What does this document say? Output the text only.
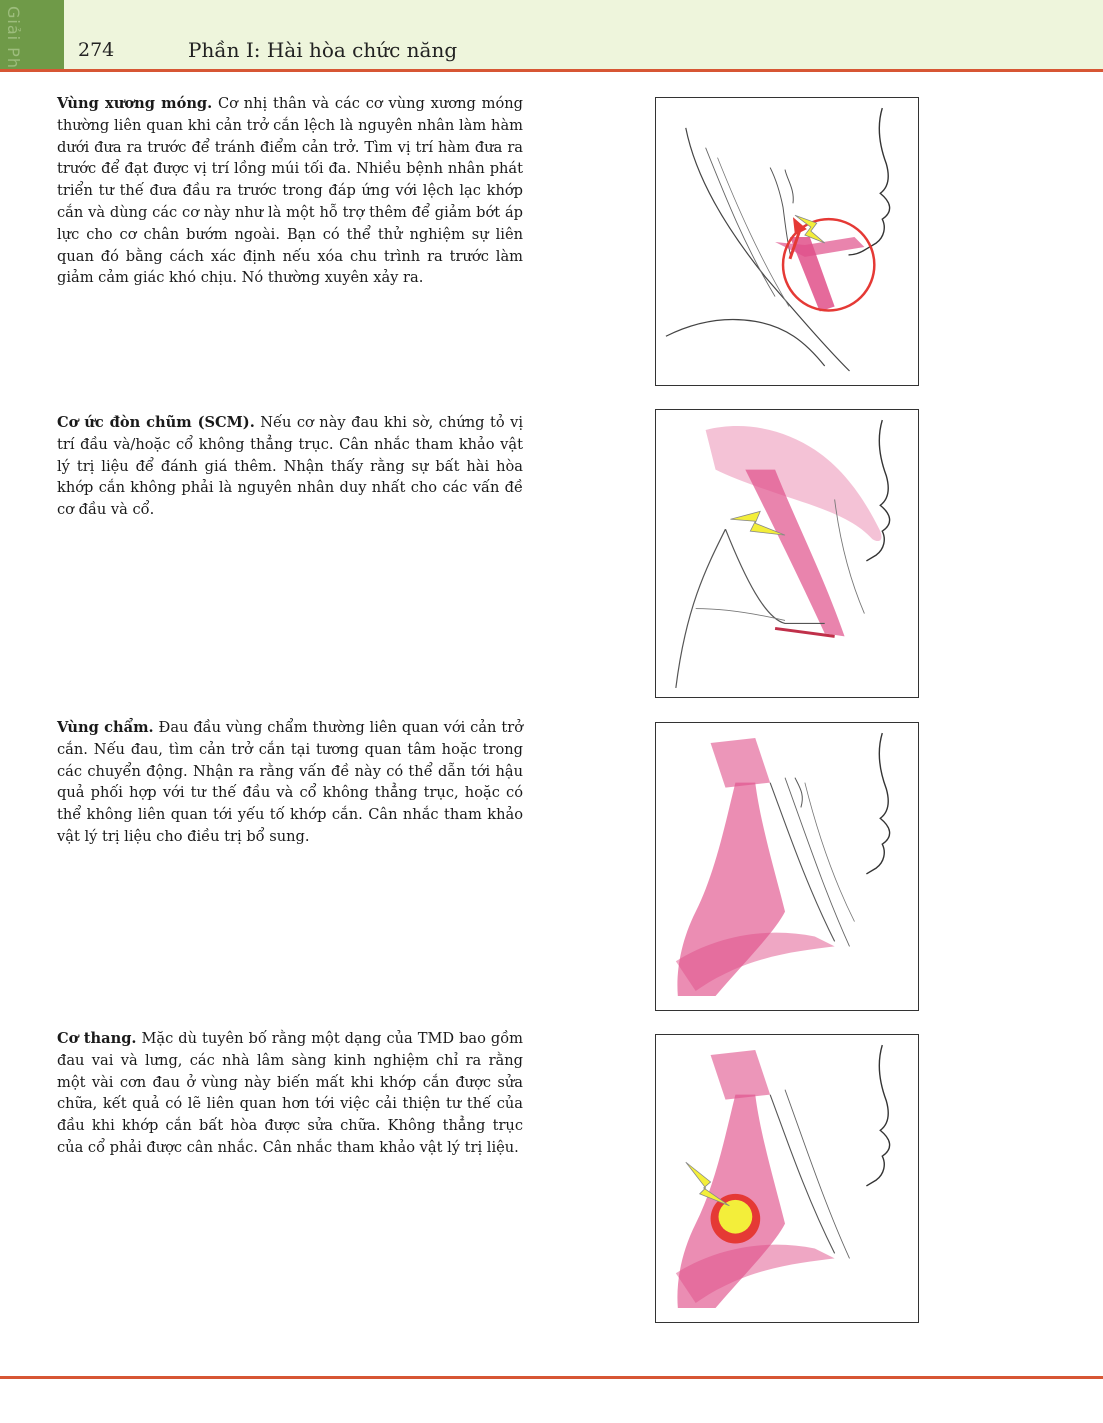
Giải Ph	274	Phần I: Hài hòa chức năng

Vùng xương móng. Cơ nhị thân và các cơ vùng xương móng thường liên quan khi cản trở cắn lệch là nguyên nhân làm hàm dưới đưa ra trước để tránh điểm cản trở. Tìm vị trí hàm đưa ra trước để đạt được vị trí lồng múi tối đa. Nhiều bệnh nhân phát triển tư thế đưa đầu ra trước trong đáp ứng với lệch lạc khớp cắn và dùng các cơ này như là một hỗ trợ thêm để giảm bớt áp lực cho cơ chân bướm ngoài. Bạn có thể thử nghiệm sự liên quan đó bằng cách xác định nếu xóa chu trình ra trước làm giảm cảm giác khó chịu. Nó thường xuyên xảy ra.

Cơ ức đòn chũm (SCM). Nếu cơ này đau khi sờ, chứng tỏ vị trí đầu và/hoặc cổ không thẳng trục. Cân nhắc tham khảo vật lý trị liệu để đánh giá thêm. Nhận thấy rằng sự bất hài hòa khớp cắn không phải là nguyên nhân duy nhất cho các vấn đề cơ đầu và cổ.

Vùng chẩm. Đau đầu vùng chẩm thường liên quan với cản trở cắn. Nếu đau, tìm cản trở cắn tại tương quan tâm hoặc trong các chuyển động. Nhận ra rằng vấn đề này có thể dẫn tới hậu quả phối hợp với tư thế đầu và cổ không thẳng trục, hoặc có thể không liên quan tới yếu tố khớp cắn. Cân nhắc tham khảo vật lý trị liệu cho điều trị bổ sung.

Cơ thang. Mặc dù tuyên bố rằng một dạng của TMD bao gồm đau vai và lưng, các nhà lâm sàng kinh nghiệm chỉ ra rằng một vài cơn đau ở vùng này biến mất khi khớp cắn được sửa chữa, kết quả có lẽ liên quan hơn tới việc cải thiện tư thế của đầu khi khớp cắn bất hòa được sửa chữa. Không thẳng trục của cổ phải được cân nhắc. Cân nhắc tham khảo vật lý trị liệu.
